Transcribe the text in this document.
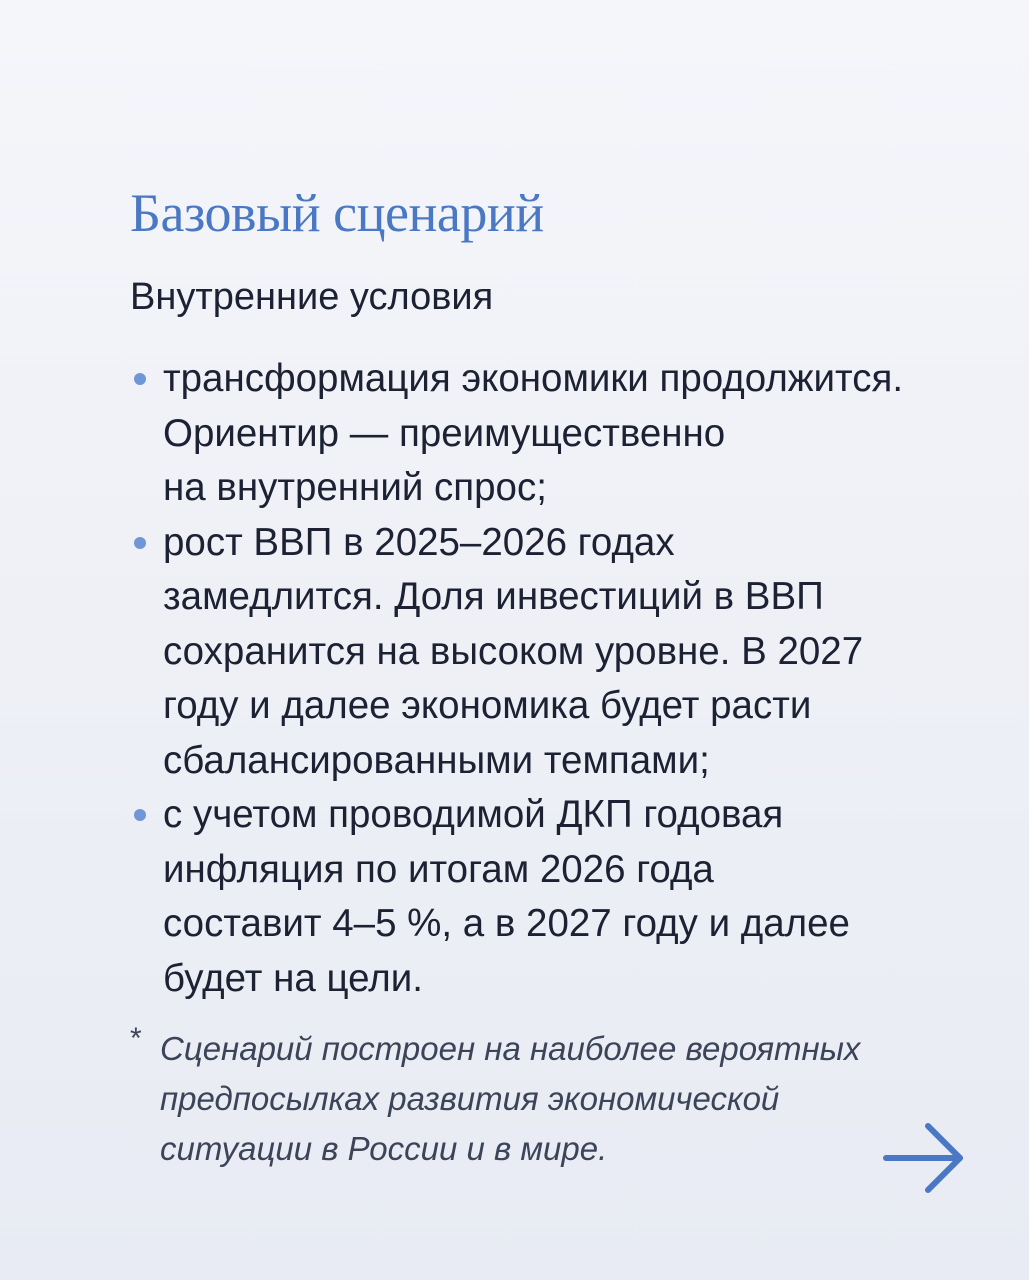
Базовый сценарий
Внутренние условия
трансформация экономики продолжится.
Ориентир — преимущественно
на внутренний спрос;
рост ВВП в 2025–2026 годах
замедлится. Доля инвестиций в ВВП
сохранится на высоком уровне. В 2027
году и далее экономика будет расти
сбалансированными темпами;
с учетом проводимой ДКП годовая
инфляция по итогам 2026 года
составит 4–5 %, а в 2027 году и далее
будет на цели.
* Сценарий построен на наиболее вероятных
предпосылках развития экономической
ситуации в России и в мире.
